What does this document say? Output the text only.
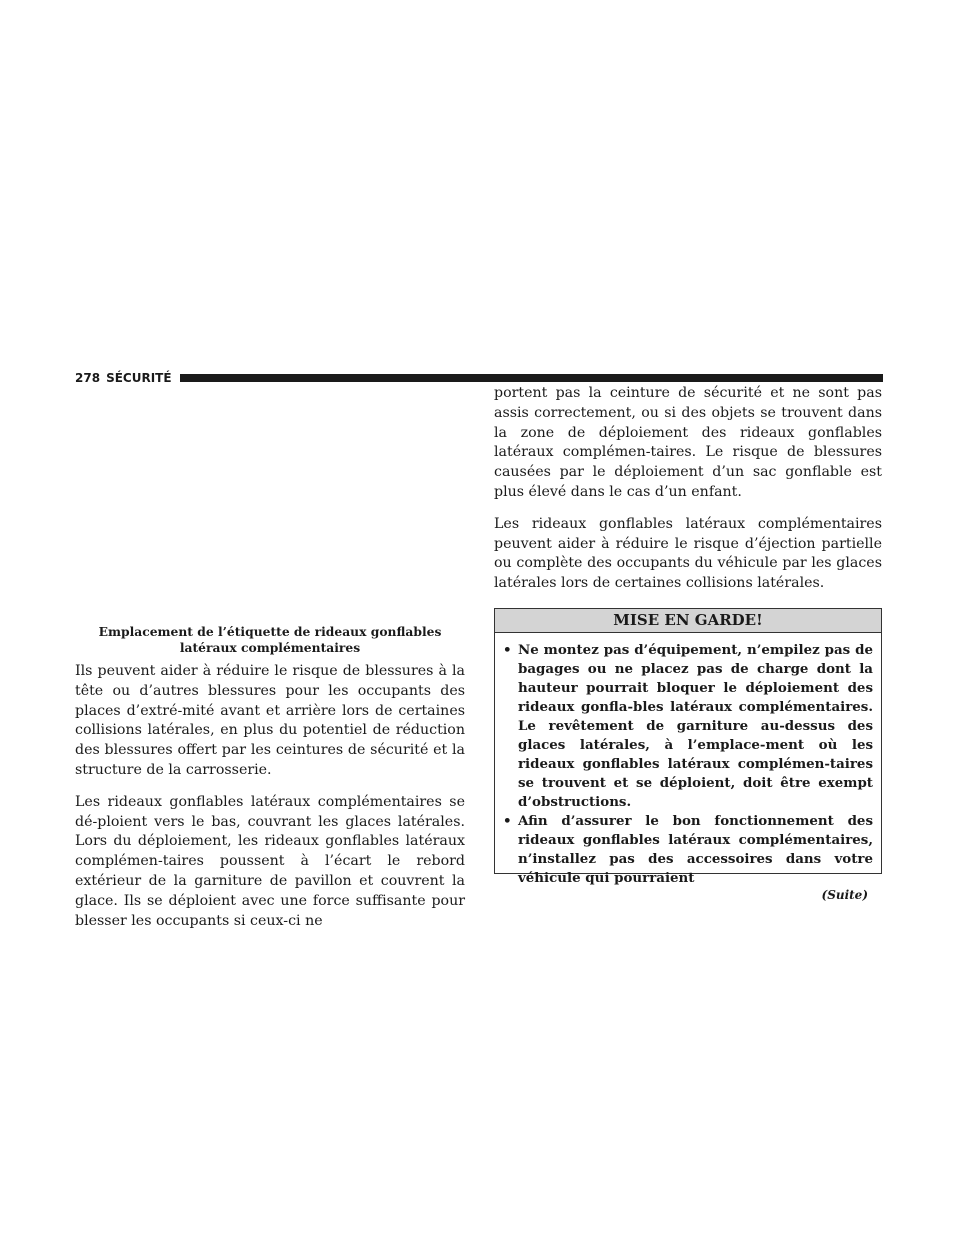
278 SÉCURITÉ

Emplacement de l’étiquette de rideaux gonflables latéraux complémentaires

Ils peuvent aider à réduire le risque de blessures à la tête ou d’autres blessures pour les occupants des places d’extré-mité avant et arrière lors de certaines collisions latérales, en plus du potentiel de réduction des blessures offert par les ceintures de sécurité et la structure de la carrosserie.

Les rideaux gonflables latéraux complémentaires se dé-ploient vers le bas, couvrant les glaces latérales. Lors du déploiement, les rideaux gonflables latéraux complémen-taires poussent à l’écart le rebord extérieur de la garniture de pavillon et couvrent la glace. Ils se déploient avec une force suffisante pour blesser les occupants si ceux-ci ne

portent pas la ceinture de sécurité et ne sont pas assis correctement, ou si des objets se trouvent dans la zone de déploiement des rideaux gonflables latéraux complémen-taires. Le risque de blessures causées par le déploiement d’un sac gonflable est plus élevé dans le cas d’un enfant.

Les rideaux gonflables latéraux complémentaires peuvent aider à réduire le risque d’éjection partielle ou complète des occupants du véhicule par les glaces latérales lors de certaines collisions latérales.

MISE EN GARDE!
• Ne montez pas d’équipement, n’empilez pas de bagages ou ne placez pas de charge dont la hauteur pourrait bloquer le déploiement des rideaux gonfla-bles latéraux complémentaires. Le revêtement de garniture au-dessus des glaces latérales, à l’emplace-ment où les rideaux gonflables latéraux complémen-taires se trouvent et se déploient, doit être exempt d’obstructions.
• Afin d’assurer le bon fonctionnement des rideaux gonflables latéraux complémentaires, n’installez pas des accessoires dans votre véhicule qui pourraient
(Suite)
